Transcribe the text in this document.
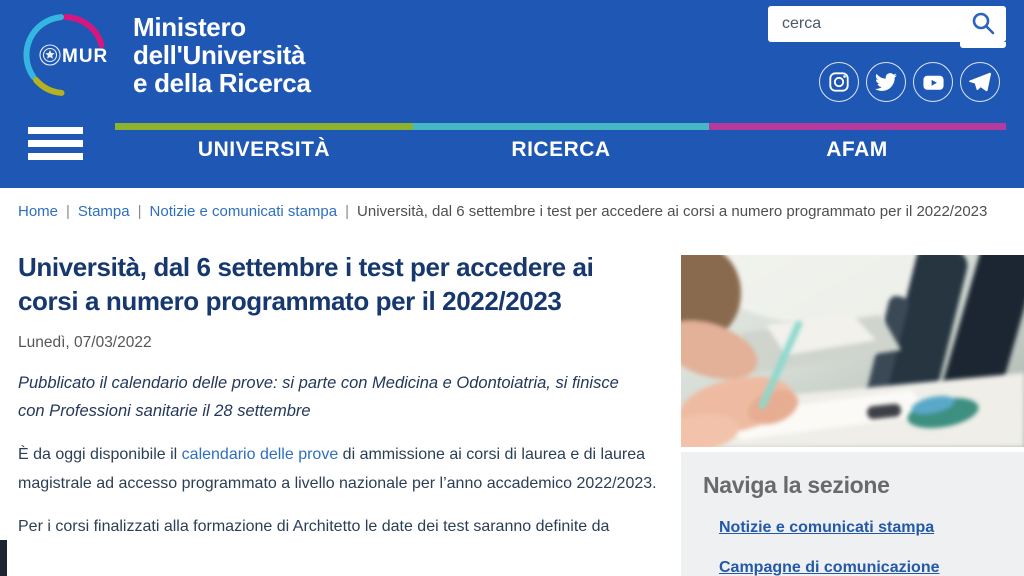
MUR
Ministero
dell'Università
e della Ricerca
cerca
UNIVERSITÀ	RICERCA	AFAM
Home | Stampa | Notizie e comunicati stampa | Università, dal 6 settembre i test per accedere ai corsi a numero programmato per il 2022/2023
Università, dal 6 settembre i test per accedere ai corsi a numero programmato per il 2022/2023
Lunedì, 07/03/2022
Pubblicato il calendario delle prove: si parte con Medicina e Odontoiatria, si finisce con Professioni sanitarie il 28 settembre

È da oggi disponibile il calendario delle prove di ammissione ai corsi di laurea e di laurea magistrale ad accesso programmato a livello nazionale per l’anno accademico 2022/2023.

Per i corsi finalizzati alla formazione di Architetto le date dei test saranno definite da

Naviga la sezione
Notizie e comunicati stampa
Campagne di comunicazione
